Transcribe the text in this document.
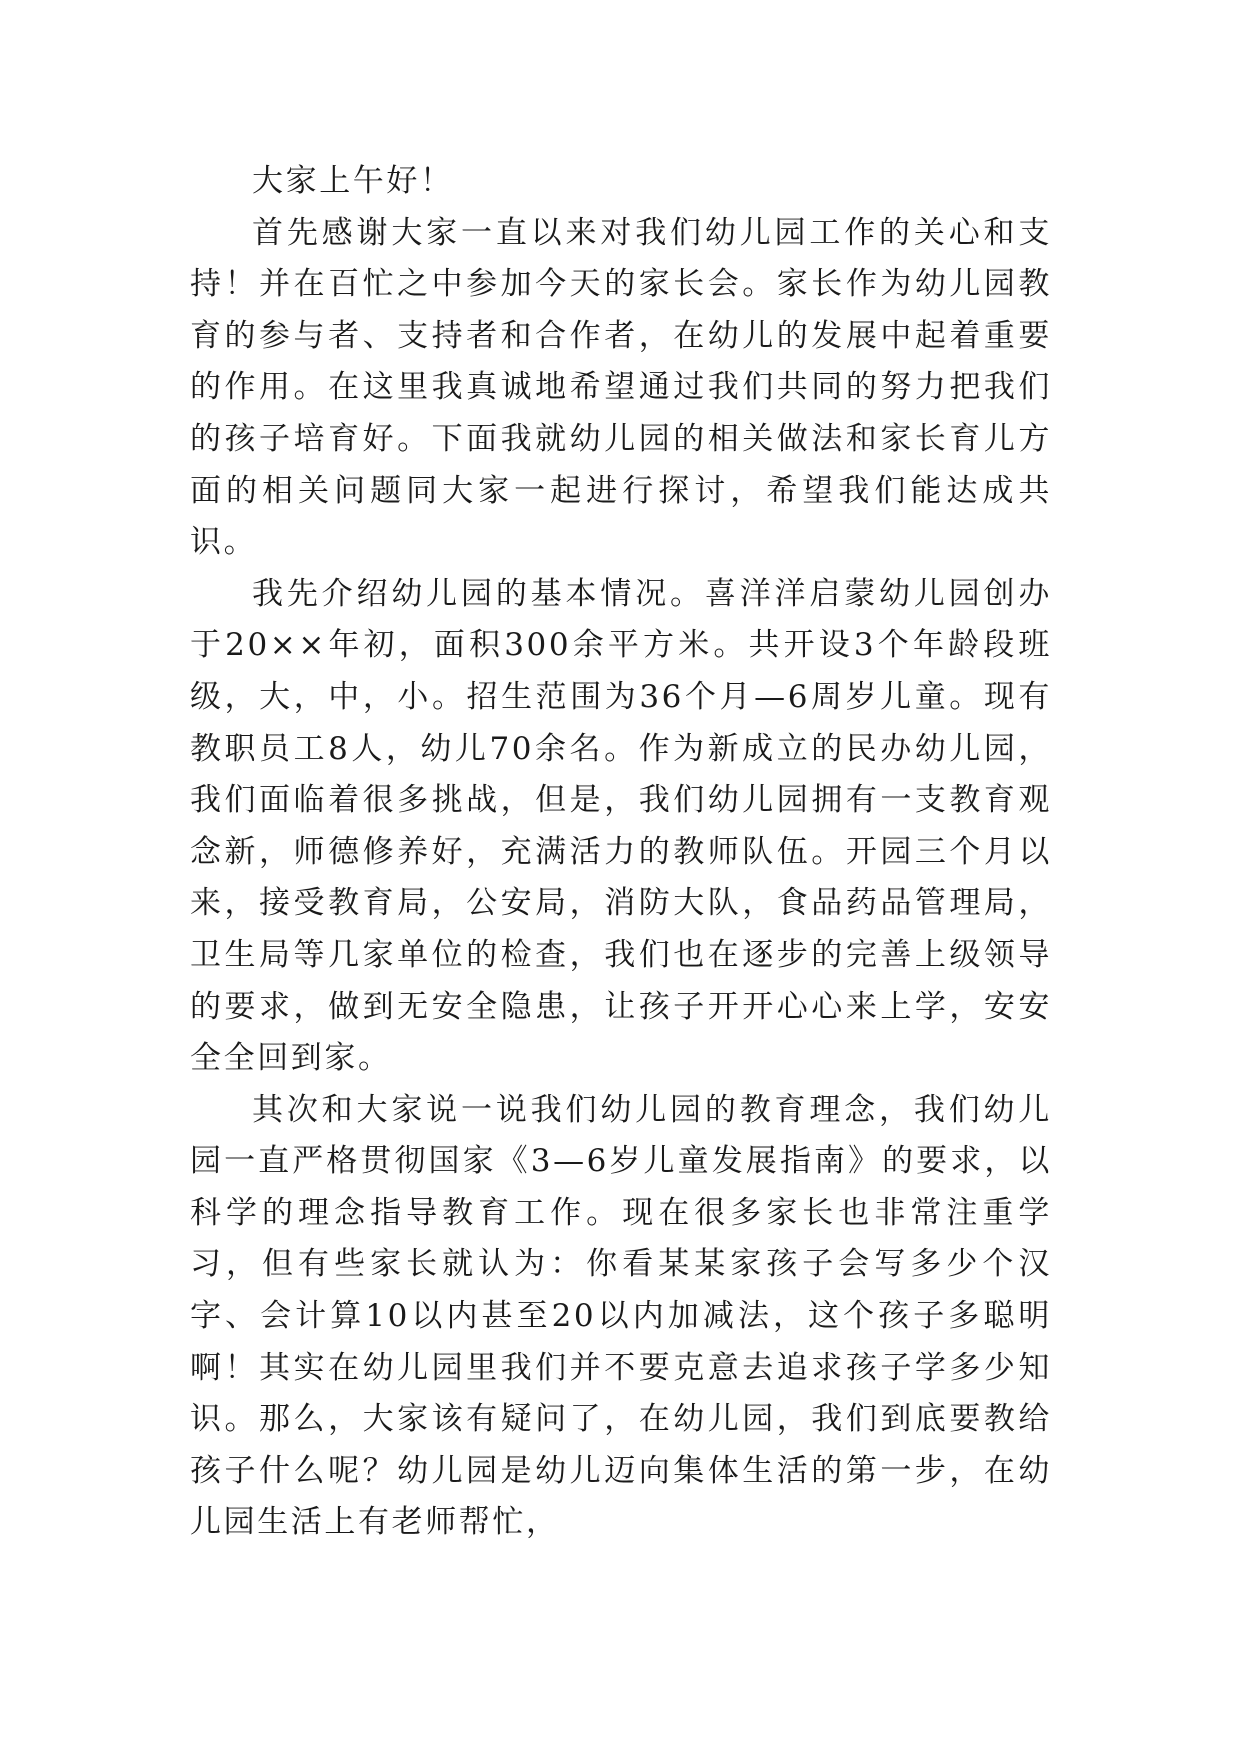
大家上午好！

首先感谢大家一直以来对我们幼儿园工作的关心和支持！并在百忙之中参加今天的家长会。家长作为幼儿园教育的参与者、支持者和合作者，在幼儿的发展中起着重要的作用。在这里我真诚地希望通过我们共同的努力把我们的孩子培育好。下面我就幼儿园的相关做法和家长育儿方面的相关问题同大家一起进行探讨，希望我们能达成共识。

我先介绍幼儿园的基本情况。喜洋洋启蒙幼儿园创办于20××年初，面积300余平方米。共开设3个年龄段班级，大，中，小。招生范围为36个月—6周岁儿童。现有教职员工8人，幼儿70余名。作为新成立的民办幼儿园，我们面临着很多挑战，但是，我们幼儿园拥有一支教育观念新，师德修养好，充满活力的教师队伍。开园三个月以来，接受教育局，公安局，消防大队，食品药品管理局，卫生局等几家单位的检查，我们也在逐步的完善上级领导的要求，做到无安全隐患，让孩子开开心心来上学，安安全全回到家。

其次和大家说一说我们幼儿园的教育理念，我们幼儿园一直严格贯彻国家《3—6岁儿童发展指南》的要求，以科学的理念指导教育工作。现在很多家长也非常注重学习，但有些家长就认为：你看某某家孩子会写多少个汉字、会计算10以内甚至20以内加减法，这个孩子多聪明啊！其实在幼儿园里我们并不要克意去追求孩子学多少知识。那么，大家该有疑问了，在幼儿园，我们到底要教给孩子什么呢？幼儿园是幼儿迈向集体生活的第一步，在幼儿园生活上有老师帮忙，
